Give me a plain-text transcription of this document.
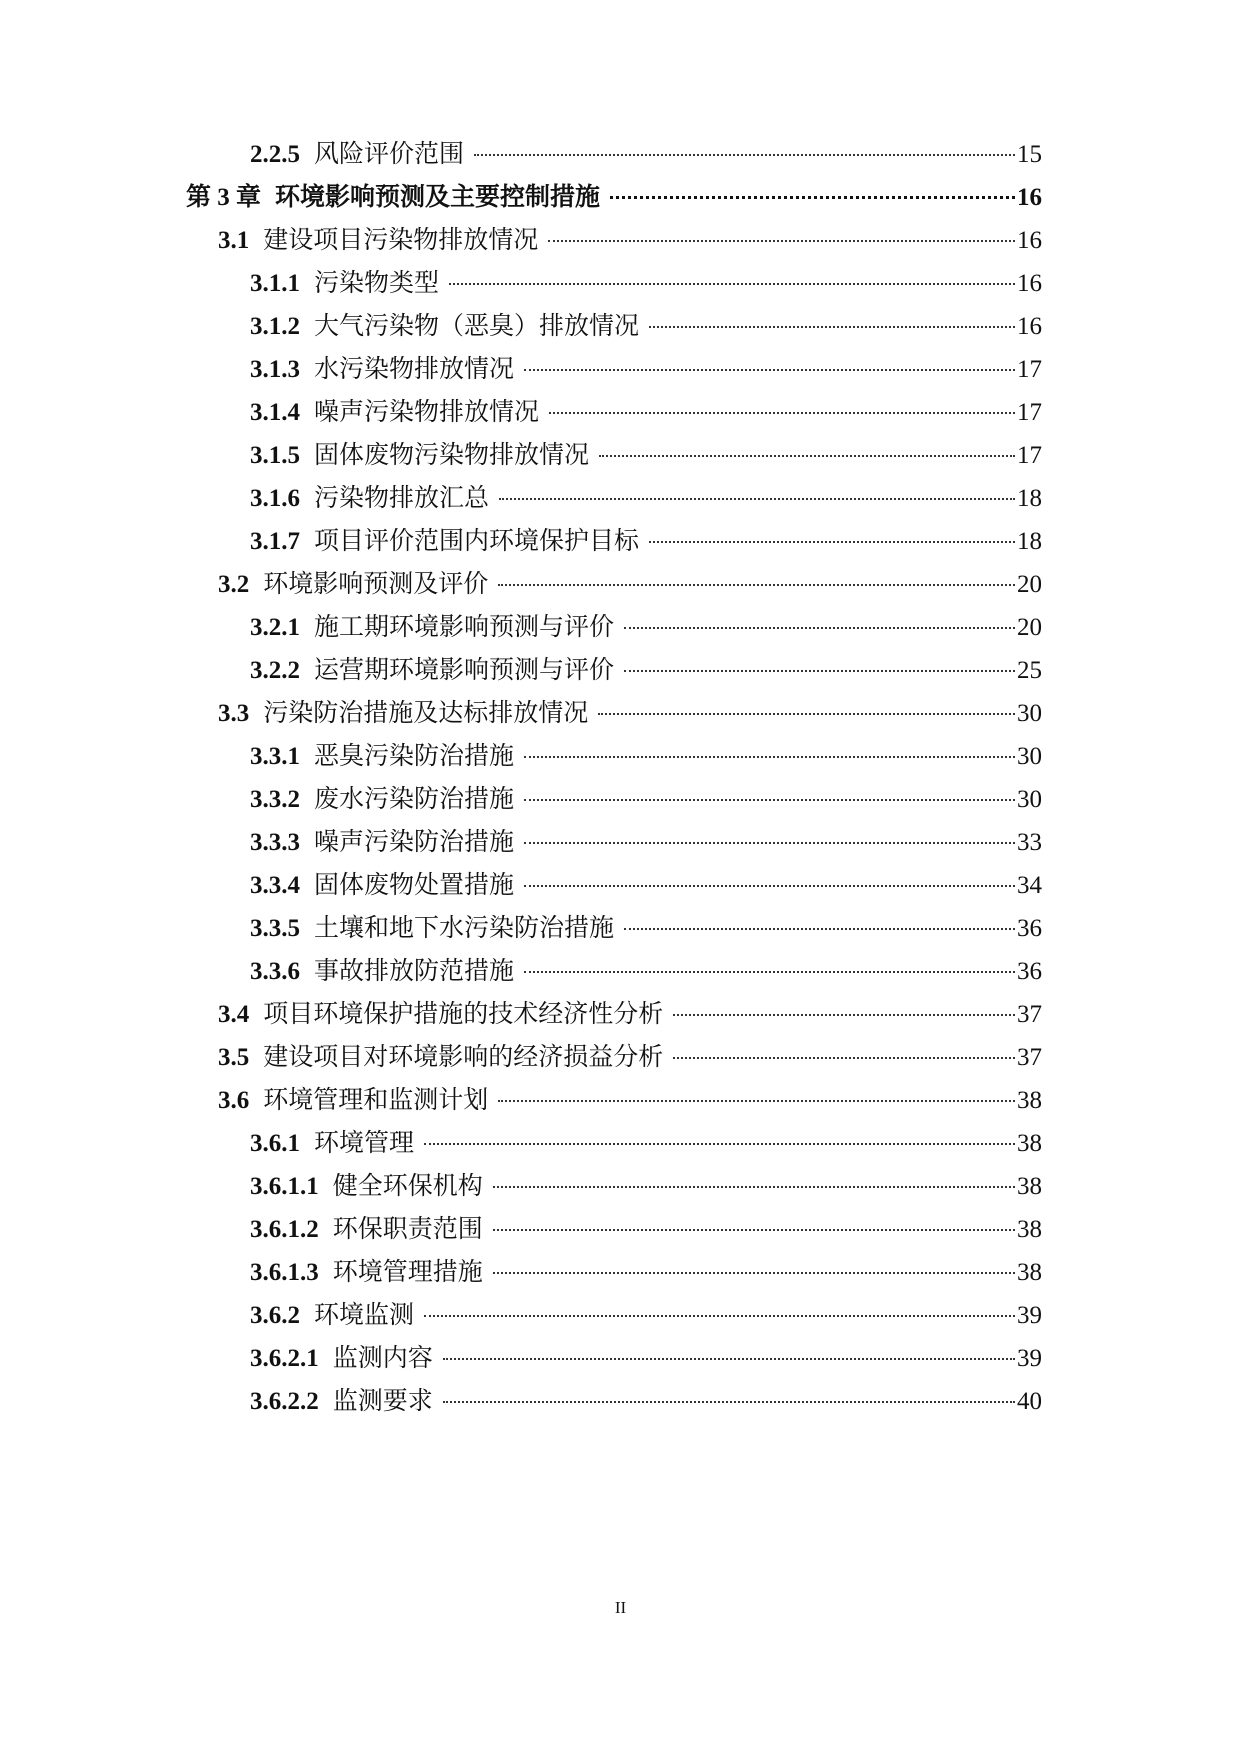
2.2.5 风险评价范围	15
第 3 章 环境影响预测及主要控制措施	16
3.1 建设项目污染物排放情况	16
3.1.1 污染物类型	16
3.1.2 大气污染物（恶臭）排放情况	16
3.1.3 水污染物排放情况	17
3.1.4 噪声污染物排放情况	17
3.1.5 固体废物污染物排放情况	17
3.1.6 污染物排放汇总	18
3.1.7 项目评价范围内环境保护目标	18
3.2 环境影响预测及评价	20
3.2.1 施工期环境影响预测与评价	20
3.2.2 运营期环境影响预测与评价	25
3.3 污染防治措施及达标排放情况	30
3.3.1 恶臭污染防治措施	30
3.3.2 废水污染防治措施	30
3.3.3 噪声污染防治措施	33
3.3.4 固体废物处置措施	34
3.3.5 土壤和地下水污染防治措施	36
3.3.6 事故排放防范措施	36
3.4 项目环境保护措施的技术经济性分析	37
3.5 建设项目对环境影响的经济损益分析	37
3.6 环境管理和监测计划	38
3.6.1 环境管理	38
3.6.1.1 健全环保机构	38
3.6.1.2 环保职责范围	38
3.6.1.3 环境管理措施	38
3.6.2 环境监测	39
3.6.2.1 监测内容	39
3.6.2.2 监测要求	40
II
